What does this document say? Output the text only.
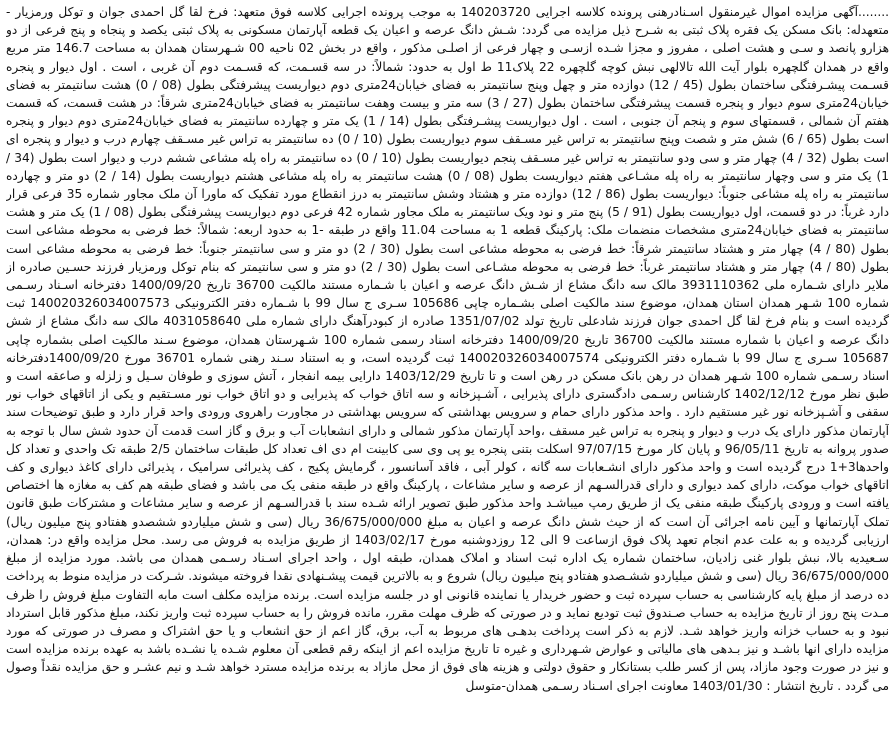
........آگهی مزایده اموال غیرمنقول اسـنادرهنی پرونده کلاسه اجرایی 140203720 به موجب پرونده اجرایی کلاسه فوق متعهد: فرخ لقا گل احمدی جوان و توکل ورمزیار - متعهدله: بانک مسکن یک فقره پلاک ثبتی به شـرح ذیل مزایده می گردد: شـش دانگ عرصه و اعیان یک قطعه آپارتمان مسکونی به پلاک ثبتی یکصد و پنجاه و پنج فرعی از دو هزارو پانصد و سـی و هشت اصلی ، مفروز و مجزا شـده ازسـی و چهار فرعی از اصلـی مذکور ، واقع در بخش 02 ناحیه 00 شـهرستان همدان به مساحت 146.7 متر مربع واقع در همدان گلچهره بلوار آیت الله تالالهی نبش کوچه گلچهره 22 پلاک11 ط اول به حدود: شمالاً: در سه قسـمت، که قسـمت دوم آن غربی ، است . اول دیوار و پنجره قسـمت پیشـرفتگی ساختمان بطول (45 / 12) دوازده متر و چهل وپنج سانتیمتر به فضای خیابان24متری دوم دیواریست پیشرفتگی بطول (08 / 0) هشت سانتیمتر به فضای خیابان24متری سوم دیوار و پنجره قسمت پیشرفتگی ساختمان بطول (27 / 3) سه متر و بیست وهفت سانتیمتر به فضای خیابان24متری شرقاً: در هشت قسمت، که قسمت هفتم آن شمالی ، قسمتهای سوم و پنجم آن جنوبی ، است . اول دیواریست پیشـرفتگی بطول (14 / 1) یک متر و چهارده سانتیمتر به فضای خیابان24متری دوم دیوار و پنجره است بطول (65 / 6) شش متر و شصت وپنج سانتیمتر به تراس غیر مسـقف سوم دیواریست بطول (10 / 0) ده سانتیمتر به تراس غیر مسـقف چهارم درب و دیوار و پنجره ای است بطول (32 / 4) چهار متر و سی ودو سانتیمتر به تراس غیر مسـقف پنجم دیواریست بطول (10 / 0) ده سانتیمتر به راه پله مشاعی ششم درب و دیوار است بطول (34 / 1) یک متر و سی وچهار سانتیمتر به راه پله مشـاعی هفتم دیواریست بطول (08 / 0) هشت سانتیمتر به راه پله مشاعی هشتم دیواریست بطول (14 / 2) دو متر و چهارده سانتیمتر به راه پله مشاعی جنوباً: دیواریست بطول (86 / 12) دوازده متر و هشتاد وشش سانتیمتر به درز انقطاع مورد تفکیک که ماورا آن ملک مجاور شماره 35 فرعی قرار دارد غرباً: در دو قسمت، اول دیواریست بطول (91 / 5) پنج متر و نود ویک سانتیمتر به ملک مجاور شماره 42 فرعی دوم دیواریست پیشرفتگی بطول (08 / 1) یک متر و هشت سانتیمتر به فضای خیابان24متری مشخصات منضمات ملک: پارکینگ قطعه 1 به مساحت 11.04 واقع در طبقه -1 به حدود اربعه: شمالاً: خط فرضی به محوطه مشاعی است بطول (80 / 4) چهار متر و هشتاد سانتیمتر شرقاً: خط فرضی به محوطه مشاعی است بطول (30 / 2) دو متر و سی سانتیمتر جنوباً: خط فرضی به محوطه مشاعی است بطول (80 / 4) چهار متر و هشتاد سانتیمتر غرباً: خط فرضی به محوطه مشـاعی است بطول (30 / 2) دو متر و سی سانتیمتر که بنام توکل ورمزیار فرزند حسـین صادره از ملایر دارای شـماره ملی 3931110362 مالک سه دانگ مشاع از شـش دانگ عرصه و اعیان با شـماره مستند مالکیت 36700 تاریخ 1400/09/20 دفترخانه اسـناد رسـمی شماره 100 شـهر همدان استان همدان، موضوع سند مالکیت اصلی بشـماره چاپی 105686 سـری ج سال 99 با شـماره دفتر الکترونیکی 140020326034007573 ثبت گردیده است و بنام فرخ لقا گل احمدی جوان فرزند شادعلی تاریخ تولد 1351/07/02 صادره از کبودرآهنگ دارای شماره ملی 4031058640 مالک سه دانگ مشاع از شش دانگ عرصه و اعیان با شماره مستند مالکیت 36700 تاریخ 1400/09/20 دفترخانه اسناد رسمی شماره 100 شـهرستان همدان، موضوع سـند مالکیت اصلی بشماره چاپی 105687 سـری ج سال 99 با شـماره دفتر الکترونیکی 140020326034007574 ثبت گردیده است، و به استناد سـند رهنی شماره 36701 مورخ 1400/09/20دفترخانه اسناد رسـمی شماره 100 شـهر همدان در رهن بانک مسکن در رهن است و تا تاریخ 1403/12/29 دارایی بیمه انفجار ، آتش سوزی و طوفان سـیل و زلزله و صاعقه است و طبق نظر مورخ 1402/12/12 کارشناس رسـمی دادگستری دارای پذیرایی ، آشـپزخانه و سه اتاق خواب که پذیرایی و دو اتاق خواب نور مسـتقیم و یکی از اتاقهای خواب نور سقفی و آشـپزخانه نور غیر مستقیم دارد . واحد مذکور دارای حمام و سرویس بهداشتی که سرویس بهداشتی در مجاورت راهروی ورودی واحد قرار دارد و طبق توضیحات سند آپارتمان مذکور دارای یک درب و دیوار و پنجره به تراس غیر مسقف ،واحد آپارتمان مذکور شمالی و دارای انشعابات آب و برق و گاز است قدمت آن حدود شش سال با توجه به صدور پروانه به تاریخ 96/05/11 و پایان کار مورخ 97/07/15 اسکلت بتنی پنجره یو پی وی سی کابینت ام دی اف تعداد کل طبقات ساختمان 2/5 طبقه تک واحدی و تعداد کل واحدها3+1 درج گردیده است و واحد مذکور دارای انشـعابات سه گانه ، کولر آبی ، فاقد آسانسور ، گرمایش پکیج ، کف پذیرائی سرامیک ، پذیرائی دارای کاغذ دیواری و کف اتاقهای خواب موکت، دارای کمد دیواری و دارای قدرالسـهم از عرصه و سایر مشاعات ، پارکینگ واقع در طبقه منفی یک می باشد و فضای طبقه هم کف به مغازه ها اختصاص یافته است و ورودی پارکینگ طبقه منفی یک از طریق رمپ میباشـد واحد مذکور طبق تصویر ارائه شـده سند با قدرالسـهم از عرصه و سایر مشاعات و مشترکات طبق قانون تملک آپارتمانها و آیین نامه اجرائی آن است که از حیث شش دانگ عرصه و اعیان به مبلغ 36/675/000/000 ریال (سی و شش میلیاردو ششصدو هفتادو پنج میلیون ریال) ارزیابی گردیده و به علت عدم انجام تعهد پلاک فوق ازساعت 9 الی 12 روزدوشنبه مورخ 1403/02/17 از طریق مزایده به فروش می رسد. محل مزایده واقع در: همدان، سـعیدیه بالا، نبش بلوار غنی زادیان، ساختمان شماره یک اداره ثبت اسناد و املاک همدان، طبقه اول ، واحد اجرای اسـناد رسـمی همدان می باشد. مورد مزایده از مبلغ 36/675/000/000 ریال (سی و شش میلیاردو ششـصدو هفتادو پنج میلیون ریال) شروع و به بالاترین قیمت پیشـنهادی نقدا فروخته میشوند. شـرکت در مزایده منوط به پرداخت ده درصد از مبلغ پایه کارشناسی به حساب سپرده ثبت و حضور خریدار یا نماینده قانونی او در جلسه مزایده است. برنده مزایده مکلف است مابه التفاوت مبلغ فروش را ظرف مـدت پنج روز از تاریخ مزایده به حساب صـندوق ثبت تودیع نماید و در صورتی که ظرف مهلت مقرر، مانده فروش را به حساب سپرده ثبت واریز نکند، مبلغ مذکور قابل استرداد نبود و به حساب خزانه واریز خواهد شـد. لازم به ذکر است پرداخت بدهـی های مربوط به آب، برق، گاز اعم از حق انشعاب و یا حق اشتراک و مصرف در صورتی که مورد مزایده دارای انها باشـد و نیز بـدهی های مالیاتی و عوارض شـهرداری و غیره تا تاریخ مزایده اعم از اینکه رقم قطعی آن معلوم شـده یا نشـده باشد به عهده برنده مزایده است و نیز در صورت وجود مازاد، پس از کسر طلب بستانکار و حقوق دولتی و هزینه های فوق از محل مازاد به برنده مزایده مسترد خواهد شـد و نیم عشـر و حق مزایده نقداً وصول می گردد . تاریخ انتشار : 1403/01/30 معاونت اجرای اسـناد رسـمی همدان-متوسل
